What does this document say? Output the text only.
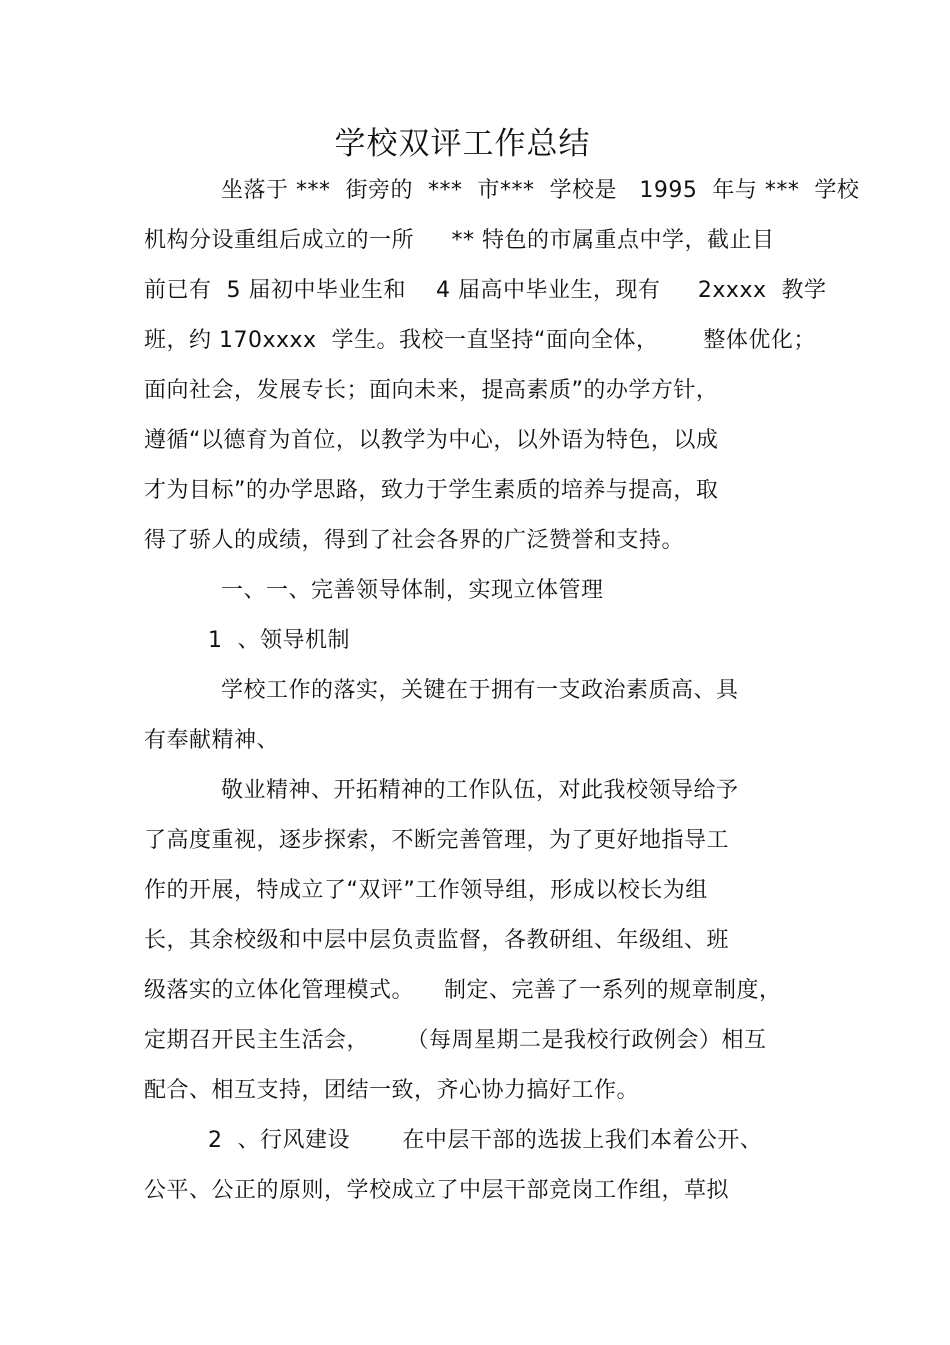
学校双评工作总结
坐落于 ***  街旁的  ***  市***  学校是   1995  年与 ***  学校
机构分设重组后成立的一所     ** 特色的市属重点中学，截止目
前已有  5 届初中毕业生和    4 届高中毕业生，现有     2xxxx  教学
班，约 170xxxx  学生。我校一直坚持“面向全体，      整体优化；
面向社会，发展专长；面向未来，提高素质”的办学方针，
遵循“以德育为首位，以教学为中心，以外语为特色，以成
才为目标”的办学思路，致力于学生素质的培养与提高，取
得了骄人的成绩，得到了社会各界的广泛赞誉和支持。
一、一、完善领导体制，实现立体管理
1  、领导机制
学校工作的落实，关键在于拥有一支政治素质高、具
有奉献精神、
敬业精神、开拓精神的工作队伍，对此我校领导给予
了高度重视，逐步探索，不断完善管理，为了更好地指导工
作的开展，特成立了“双评”工作领导组，形成以校长为组
长，其余校级和中层中层负责监督，各教研组、年级组、班
级落实的立体化管理模式。    制定、完善了一系列的规章制度，
定期召开民主生活会，     （每周星期二是我校行政例会）相互
配合、相互支持，团结一致，齐心协力搞好工作。
2  、行风建设       在中层干部的选拔上我们本着公开、
公平、公正的原则，学校成立了中层干部竞岗工作组，草拟
